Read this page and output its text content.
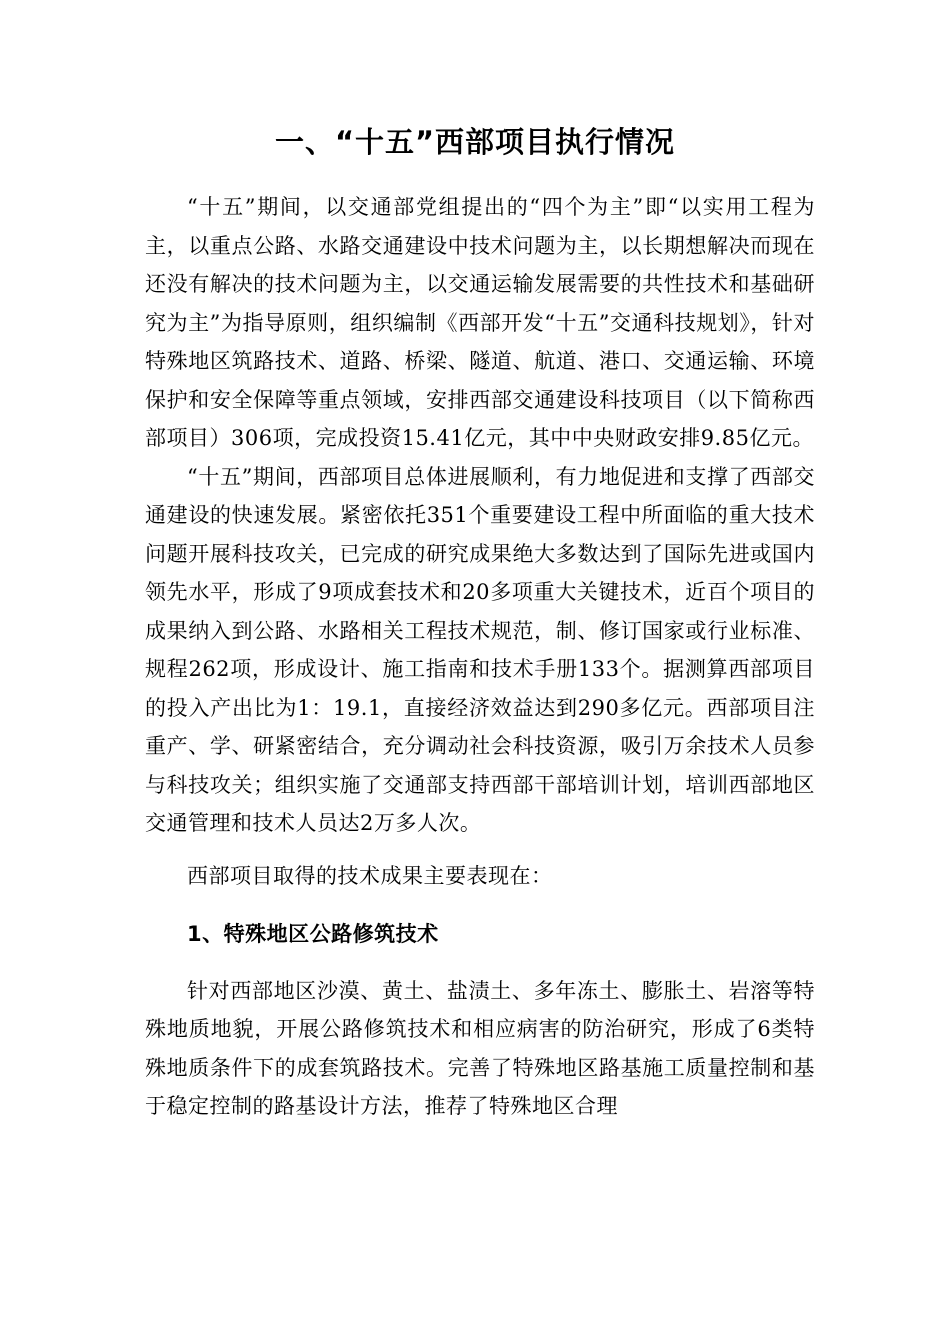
一、“十五”西部项目执行情况

“十五”期间，以交通部党组提出的“四个为主”即“以实用工程为主，以重点公路、水路交通建设中技术问题为主，以长期想解决而现在还没有解决的技术问题为主，以交通运输发展需要的共性技术和基础研究为主”为指导原则，组织编制《西部开发“十五”交通科技规划》，针对特殊地区筑路技术、道路、桥梁、隧道、航道、港口、交通运输、环境保护和安全保障等重点领域，安排西部交通建设科技项目（以下简称西部项目）306项，完成投资15.41亿元，其中中央财政安排9.85亿元。

“十五”期间，西部项目总体进展顺利，有力地促进和支撑了西部交通建设的快速发展。紧密依托351个重要建设工程中所面临的重大技术问题开展科技攻关，已完成的研究成果绝大多数达到了国际先进或国内领先水平，形成了9项成套技术和20多项重大关键技术，近百个项目的成果纳入到公路、水路相关工程技术规范，制、修订国家或行业标准、规程262项，形成设计、施工指南和技术手册133个。据测算西部项目的投入产出比为1：19.1，直接经济效益达到290多亿元。西部项目注重产、学、研紧密结合，充分调动社会科技资源，吸引万余技术人员参与科技攻关；组织实施了交通部支持西部干部培训计划，培训西部地区交通管理和技术人员达2万多人次。

西部项目取得的技术成果主要表现在：

1、特殊地区公路修筑技术

针对西部地区沙漠、黄土、盐渍土、多年冻土、膨胀土、岩溶等特殊地质地貌，开展公路修筑技术和相应病害的防治研究，形成了6类特殊地质条件下的成套筑路技术。完善了特殊地区路基施工质量控制和基于稳定控制的路基设计方法，推荐了特殊地区合理
